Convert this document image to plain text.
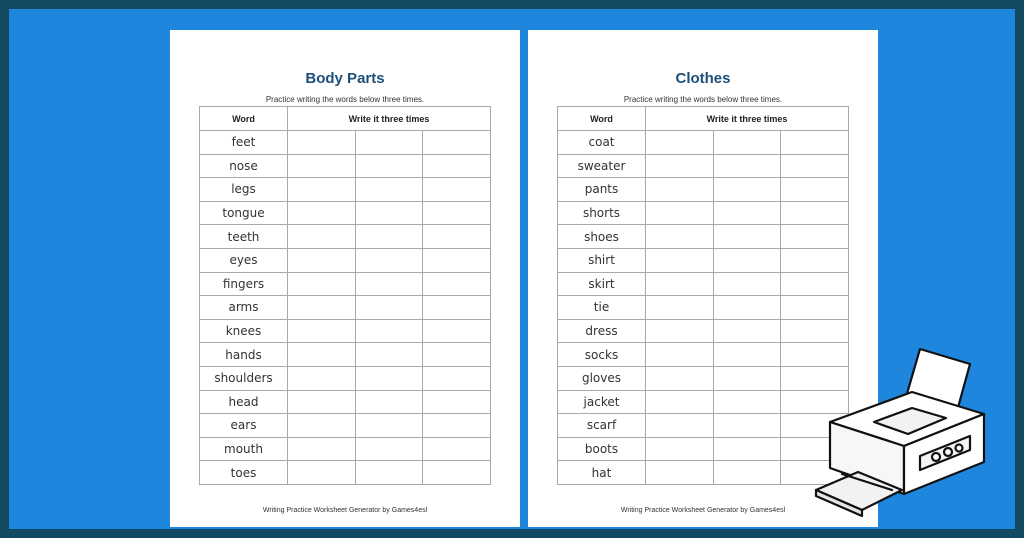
Body Parts
Practice writing the words below three times.
Word	Write it three times		
feet			
nose			
legs			
tongue			
teeth			
eyes			
fingers			
arms			
knees			
hands			
shoulders			
head			
ears			
mouth			
toes			
Writing Practice Worksheet Generator by Games4esl
Clothes
Practice writing the words below three times.
Word	Write it three times		
coat			
sweater			
pants			
shorts			
shoes			
shirt			
skirt			
tie			
dress			
socks			
gloves			
jacket			
scarf			
boots			
hat			
Writing Practice Worksheet Generator by Games4esl
